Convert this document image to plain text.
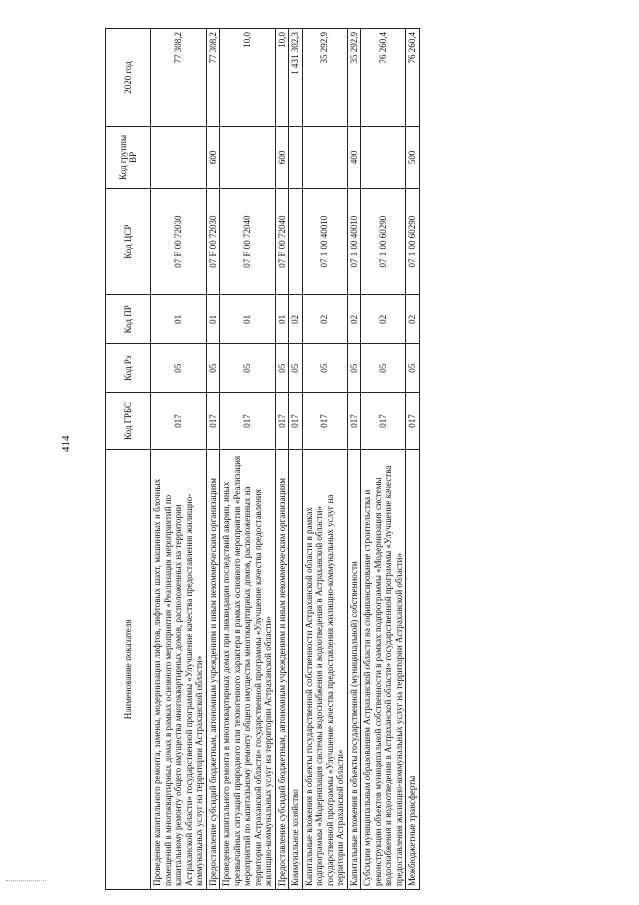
414
Наименование показателя	Код ГРБС	Код Рз	Код ПР	Код ЦСР	Код группы ВР	2020 год
Проведение капитального ремонта, замены, модернизации лифтов, лифтовых шахт, машинных и блочных помещений в многоквартирных домах в рамках основного мероприятия «Реализация мероприятий по капитальному ремонту общего имущества многоквартирных домов, расположенных на территории Астраханской области» государственной программы «Улучшение качества предоставления жилищно-коммунальных услуг на территории Астраханской области»	017	05	01	07 F 00 72030		77 308,2
Предоставление субсидий бюджетным, автономным учреждениям и иным некоммерческим организациям	017	05	01	07 F 00 72030	600	77 308,2
Проведение капитального ремонта в многоквартирных домах при ликвидации последствий аварии, иных чрезвычайных ситуаций природного или техногенного характера в рамках основного мероприятия «Реализация мероприятий по капитальному ремонту общего имущества многоквартирных домов, расположенных на территории Астраханской области» государственной программы «Улучшение качества предоставления жилищно-коммунальных услуг на территории Астраханской области»	017	05	01	07 F 00 72040		10,0
Предоставление субсидий бюджетным, автономным учреждениям и иным некоммерческим организациям	017	05	01	07 F 00 72040	600	10,0
Коммунальное хозяйство	017	05	02			1 431 302,3
Капитальные вложения в объекты государственной собственности Астраханской области в рамках подпрограммы «Модернизация системы водоснабжения и водоотведения в Астраханской области» государственной программы «Улучшение качества предоставления жилищно-коммунальных услуг на территории Астраханской области»	017	05	02	07 1 00 40010		35 292,9
Капитальные вложения в объекты государственной (муниципальной) собственности	017	05	02	07 1 00 40010	400	35 292,9
Субсидии муниципальным образованиям Астраханской области на софинансирование строительства и реконструкции объектов муниципальной собственности в рамках подпрограммы «Модернизация системы водоснабжения и водоотведения в Астраханской области» государственной программы «Улучшение качества предоставления жилищно-коммунальных услуг на территории Астраханской области»	017	05	02	07 1 00 60290		76 260,4
Межбюджетные трансферты	017	05	02	07 1 00 60290	500	76 260,4
